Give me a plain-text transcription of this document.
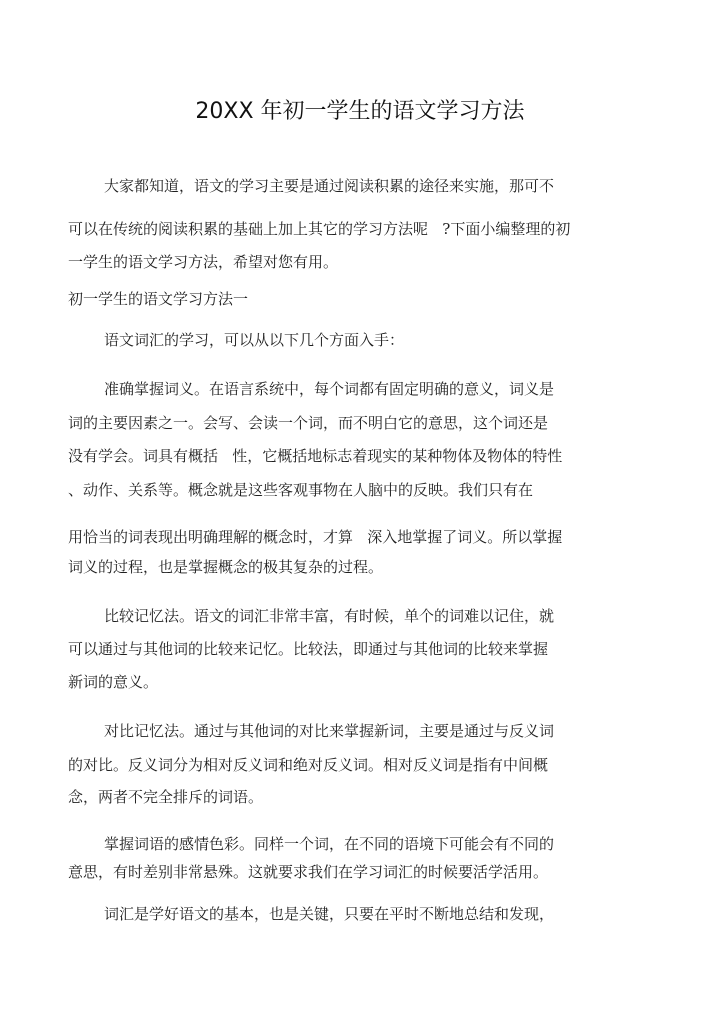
20XX 年初一学生的语文学习方法
大家都知道，语文的学习主要是通过阅读积累的途径来实施，那可不
可以在传统的阅读积累的基础上加上其它的学习方法呢   ?下面小编整理的初
一学生的语文学习方法，希望对您有用。
初一学生的语文学习方法一
语文词汇的学习，可以从以下几个方面入手：
准确掌握词义。在语言系统中，每个词都有固定明确的意义，词义是
词的主要因素之一。会写、会读一个词，而不明白它的意思，这个词还是
没有学会。词具有概括   性，它概括地标志着现实的某种物体及物体的特性
、动作、关系等。概念就是这些客观事物在人脑中的反映。我们只有在
用恰当的词表现出明确理解的概念时，才算   深入地掌握了词义。所以掌握
词义的过程，也是掌握概念的极其复杂的过程。
比较记忆法。语文的词汇非常丰富，有时候，单个的词难以记住，就
可以通过与其他词的比较来记忆。比较法，即通过与其他词的比较来掌握
新词的意义。
对比记忆法。通过与其他词的对比来掌握新词，主要是通过与反义词
的对比。反义词分为相对反义词和绝对反义词。相对反义词是指有中间概
念，两者不完全排斥的词语。
掌握词语的感情色彩。同样一个词，在不同的语境下可能会有不同的
意思，有时差别非常悬殊。这就要求我们在学习词汇的时候要活学活用。
词汇是学好语文的基本，也是关键，只要在平时不断地总结和发现，
